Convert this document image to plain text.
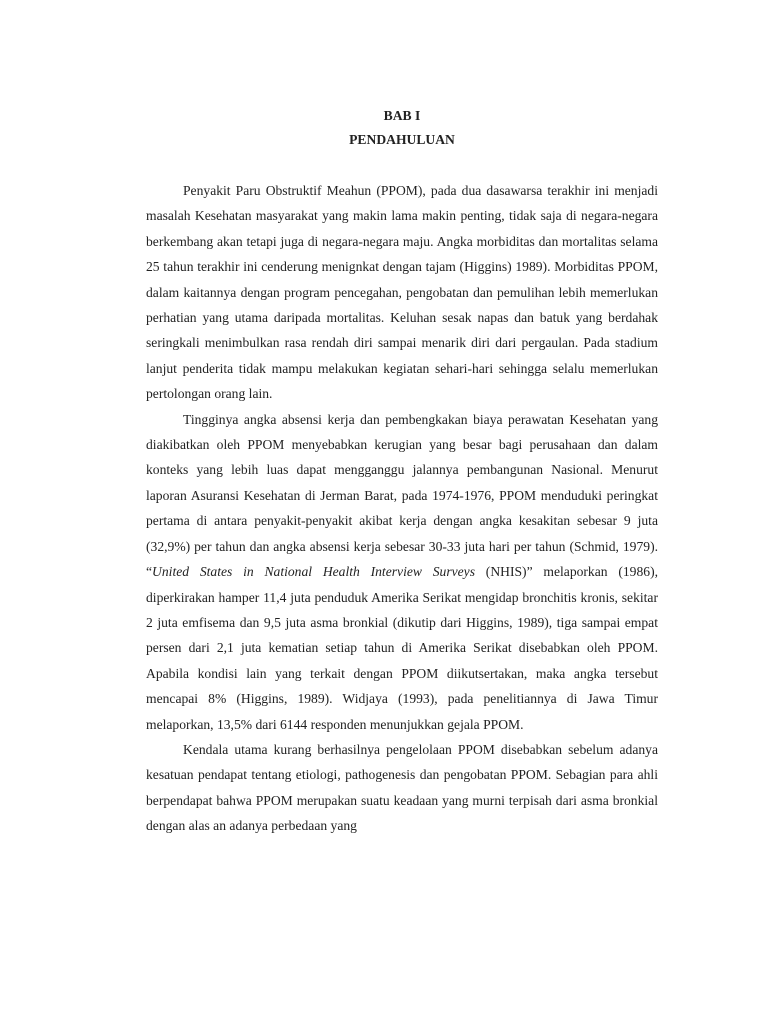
BAB I

PENDAHULUAN

Penyakit Paru Obstruktif Meahun (PPOM), pada dua dasawarsa terakhir ini menjadi masalah Kesehatan masyarakat yang makin lama makin penting, tidak saja di negara-negara berkembang akan tetapi juga di negara-negara maju. Angka morbiditas dan mortalitas selama 25 tahun terakhir ini cenderung menignkat dengan tajam (Higgins) 1989). Morbiditas PPOM, dalam kaitannya dengan program pencegahan, pengobatan dan pemulihan lebih memerlukan perhatian yang utama daripada mortalitas. Keluhan sesak napas dan batuk yang berdahak seringkali menimbulkan rasa rendah diri sampai menarik diri dari pergaulan. Pada stadium lanjut penderita tidak mampu melakukan kegiatan sehari-hari sehingga selalu memerlukan pertolongan orang lain.

Tingginya angka absensi kerja dan pembengkakan biaya perawatan Kesehatan yang diakibatkan oleh PPOM menyebabkan kerugian yang besar bagi perusahaan dan dalam konteks yang lebih luas dapat mengganggu jalannya pembangunan Nasional. Menurut laporan Asuransi Kesehatan di Jerman Barat, pada 1974-1976, PPOM menduduki peringkat pertama di antara penyakit-penyakit akibat kerja dengan angka kesakitan sebesar 9 juta (32,9%) per tahun dan angka absensi kerja sebesar 30-33 juta hari per tahun (Schmid, 1979). “United States in National Health Interview Surveys (NHIS)” melaporkan (1986), diperkirakan hamper 11,4 juta penduduk Amerika Serikat mengidap bronchitis kronis, sekitar 2 juta emfisema dan 9,5 juta asma bronkial (dikutip dari Higgins, 1989), tiga sampai empat persen dari 2,1 juta kematian setiap tahun di Amerika Serikat disebabkan oleh PPOM. Apabila kondisi lain yang terkait dengan PPOM diikutsertakan, maka angka tersebut mencapai 8% (Higgins, 1989). Widjaya (1993), pada penelitiannya di Jawa Timur melaporkan, 13,5% dari 6144 responden menunjukkan gejala PPOM.

Kendala utama kurang berhasilnya pengelolaan PPOM disebabkan sebelum adanya kesatuan pendapat tentang etiologi, pathogenesis dan pengobatan PPOM. Sebagian para ahli berpendapat bahwa PPOM merupakan suatu keadaan yang murni terpisah dari asma bronkial dengan alas an adanya perbedaan yang
